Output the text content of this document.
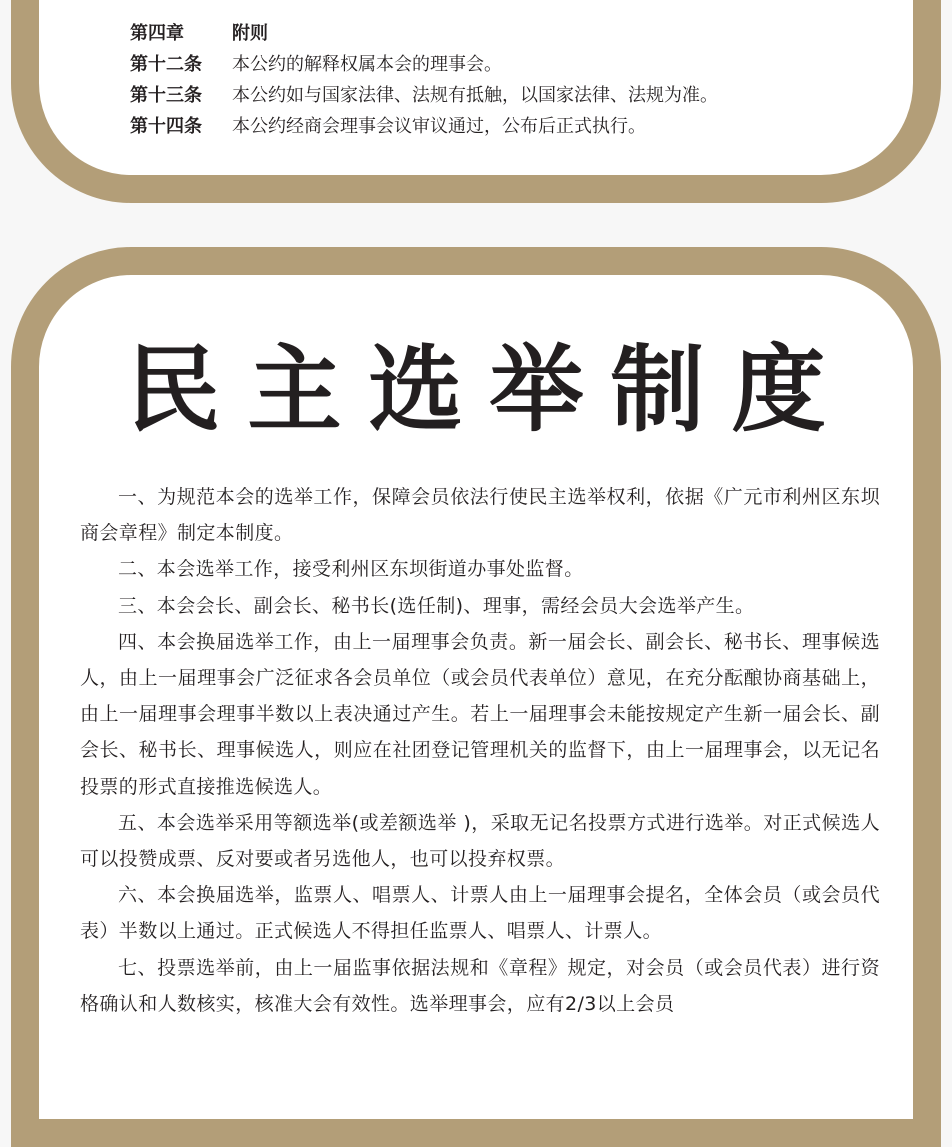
第四章	附则
第十二条 本公约的解释权属本会的理事会。
第十三条 本公约如与国家法律、法规有抵触，以国家法律、法规为准。
第十四条 本公约经商会理事会议审议通过，公布后正式执行。
民主选举制度

一、为规范本会的选举工作，保障会员依法行使民主选举权利，依据《广元市利州区东坝商会章程》制定本制度。

二、本会选举工作，接受利州区东坝街道办事处监督。

三、本会会长、副会长、秘书长(选任制)、理事，需经会员大会选举产生。

四、本会换届选举工作，由上一届理事会负责。新一届会长、副会长、秘书长、理事候选人，由上一届理事会广泛征求各会员单位（或会员代表单位）意见，在充分酝酿协商基础上，由上一届理事会理事半数以上表决通过产生。若上一届理事会未能按规定产生新一届会长、副会长、秘书长、理事候选人，则应在社团登记管理机关的监督下，由上一届理事会，以无记名投票的形式直接推选候选人。

五、本会选举采用等额选举(或差额选举 )，采取无记名投票方式进行选举。对正式候选人可以投赞成票、反对要或者另选他人，也可以投弃权票。

六、本会换届选举，监票人、唱票人、计票人由上一届理事会提名，全体会员（或会员代表）半数以上通过。正式候选人不得担任监票人、唱票人、计票人。

七、投票选举前，由上一届监事依据法规和《章程》规定，对会员（或会员代表）进行资格确认和人数核实，核准大会有效性。选举理事会，应有2/3以上会员
